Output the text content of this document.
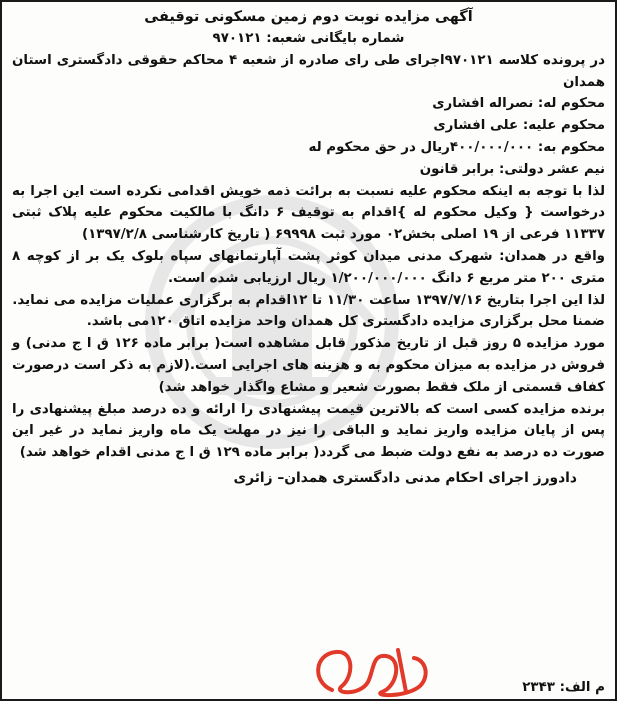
آگهی مزایده نوبت دوم زمین مسکونی توقیفی

شماره بایگانی شعبه: ۹۷۰۱۲۱

در پرونده کلاسه ۹۷۰۱۲۱اجرای طی رای صادره از شعبه ۴ محاکم حقوقی دادگستری استان همدان

محکوم له: نصراله افشاری

محکوم علیه: علی افشاری

محکوم به: ۴۰۰/۰۰۰/۰۰۰ریال در حق محکوم له

نیم عشر دولتی: برابر قانون

لذا با توجه به اینکه محکوم علیه نسبت به برائت ذمه خویش اقدامی نکرده است این اجرا به درخواست { وکیل محکوم له }اقدام به توقیف ۶ دانگ با مالکیت محکوم علیه پلاک ثبتی ۱۱۳۳۷ فرعی از ۱۹ اصلی بخش۰۲ مورد ثبت ۶۹۹۹۸ ( تاریخ کارشناسی ۱۳۹۷/۲/۸)

واقع در همدان: شهرک مدنی میدان کوثر پشت آپارتمانهای سپاه بلوک یک بر از کوچه ۸ متری ۲۰۰ متر مربع ۶ دانگ ۱/۲۰۰/۰۰۰/۰۰۰ ریال ارزیابی شده است.

لذا این اجرا بتاریخ ۱۳۹۷/۷/۱۶ ساعت ۱۱/۳۰ تا ۱۲اقدام به برگزاری عملیات مزایده می نماید.

ضمنا محل برگزاری مزایده دادگستری کل همدان واحد مزایده اتاق ۱۲۰می باشد.

مورد مزایده ۵ روز قبل از تاریخ مذکور قابل مشاهده است( برابر ماده ۱۲۶ ق ا ج مدنی) و فروش در مزایده به میزان محکوم به و هزینه های اجرایی است.(لازم به ذکر است درصورت کفاف قسمتی از ملک فقط بصورت شعیر و مشاع واگذار خواهد شد)

برنده مزایده کسی است که بالاترین قیمت پیشنهادی را ارائه و ده درصد مبلغ پیشنهادی را پس از پایان مزایده واریز نماید و الباقی را نیز در مهلت یک ماه واریز نماید در غیر این صورت ده درصد به نفع دولت ضبط می گردد( برابر ماده ۱۲۹ ق ا ج مدنی اقدام خواهد شد)

دادورز اجرای احکام مدنی دادگستری همدان– زائری

م الف: ۲۳۴۳
